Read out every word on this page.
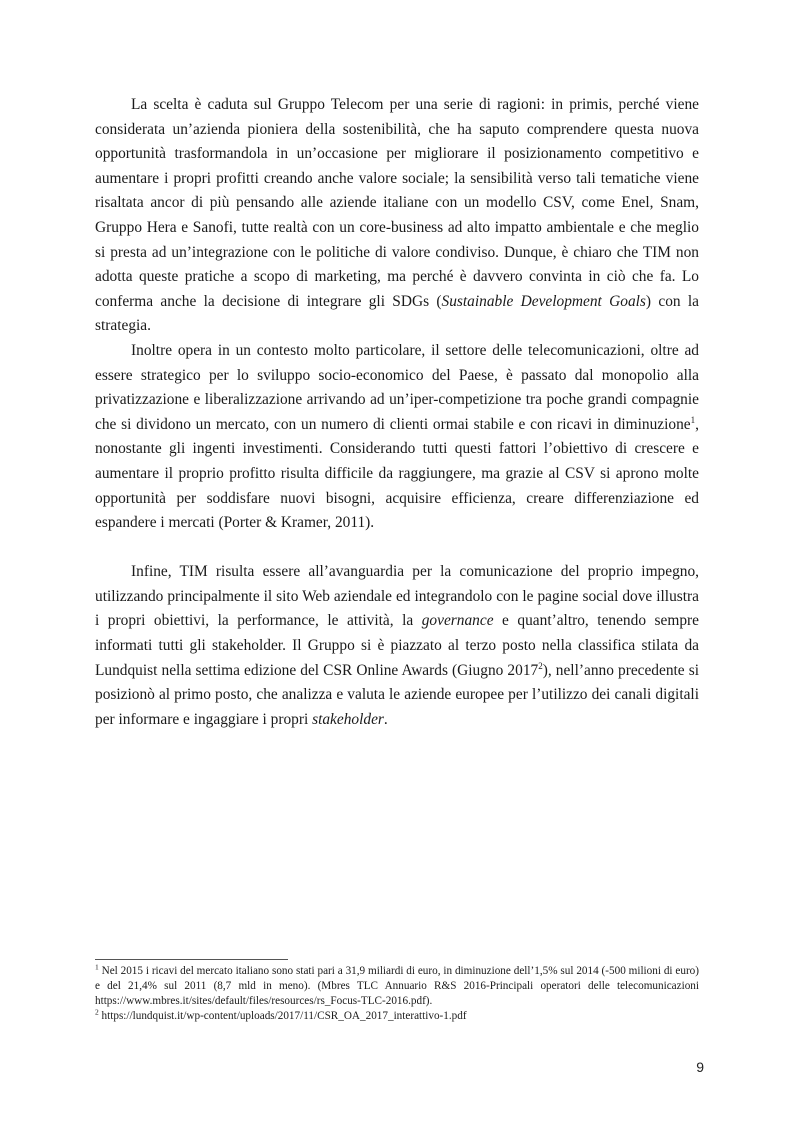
La scelta è caduta sul Gruppo Telecom per una serie di ragioni: in primis, perché viene considerata un’azienda pioniera della sostenibilità, che ha saputo comprendere questa nuova opportunità trasformandola in un’occasione per migliorare il posizionamento competitivo e aumentare i propri profitti creando anche valore sociale; la sensibilità verso tali tematiche viene risaltata ancor di più pensando alle aziende italiane con un modello CSV, come Enel, Snam, Gruppo Hera e Sanofi, tutte realtà con un core-business ad alto impatto ambientale e che meglio si presta ad un’integrazione con le politiche di valore condiviso. Dunque, è chiaro che TIM non adotta queste pratiche a scopo di marketing, ma perché è davvero convinta in ciò che fa. Lo conferma anche la decisione di integrare gli SDGs (Sustainable Development Goals) con la strategia.

Inoltre opera in un contesto molto particolare, il settore delle telecomunicazioni, oltre ad essere strategico per lo sviluppo socio-economico del Paese, è passato dal monopolio alla privatizzazione e liberalizzazione arrivando ad un’iper-competizione tra poche grandi compagnie che si dividono un mercato, con un numero di clienti ormai stabile e con ricavi in diminuzione$^1$, nonostante gli ingenti investimenti. Considerando tutti questi fattori l’obiettivo di crescere e aumentare il proprio profitto risulta difficile da raggiungere, ma grazie al CSV si aprono molte opportunità per soddisfare nuovi bisogni, acquisire efficienza, creare differenziazione ed espandere i mercati (Porter & Kramer, 2011).

Infine, TIM risulta essere all’avanguardia per la comunicazione del proprio impegno, utilizzando principalmente il sito Web aziendale ed integrandolo con le pagine social dove illustra i propri obiettivi, la performance, le attività, la governance e quant’altro, tenendo sempre informati tutti gli stakeholder. Il Gruppo si è piazzato al terzo posto nella classifica stilata da Lundquist nella settima edizione del CSR Online Awards (Giugno 2017$^2$), nell’anno precedente si posizionò al primo posto, che analizza e valuta le aziende europee per l’utilizzo dei canali digitali per informare e ingaggiare i propri stakeholder.

$^1$ Nel 2015 i ricavi del mercato italiano sono stati pari a 31,9 miliardi di euro, in diminuzione dell’1,5% sul 2014 (-500 milioni di euro) e del 21,4% sul 2011 (8,7 mld in meno). (Mbres TLC Annuario R&S 2016-Principali operatori delle telecomunicazioni https://www.mbres.it/sites/default/files/resources/rs_Focus-TLC-2016.pdf).

$^2$ https://lundquist.it/wp-content/uploads/2017/11/CSR_OA_2017_interattivo-1.pdf

9
